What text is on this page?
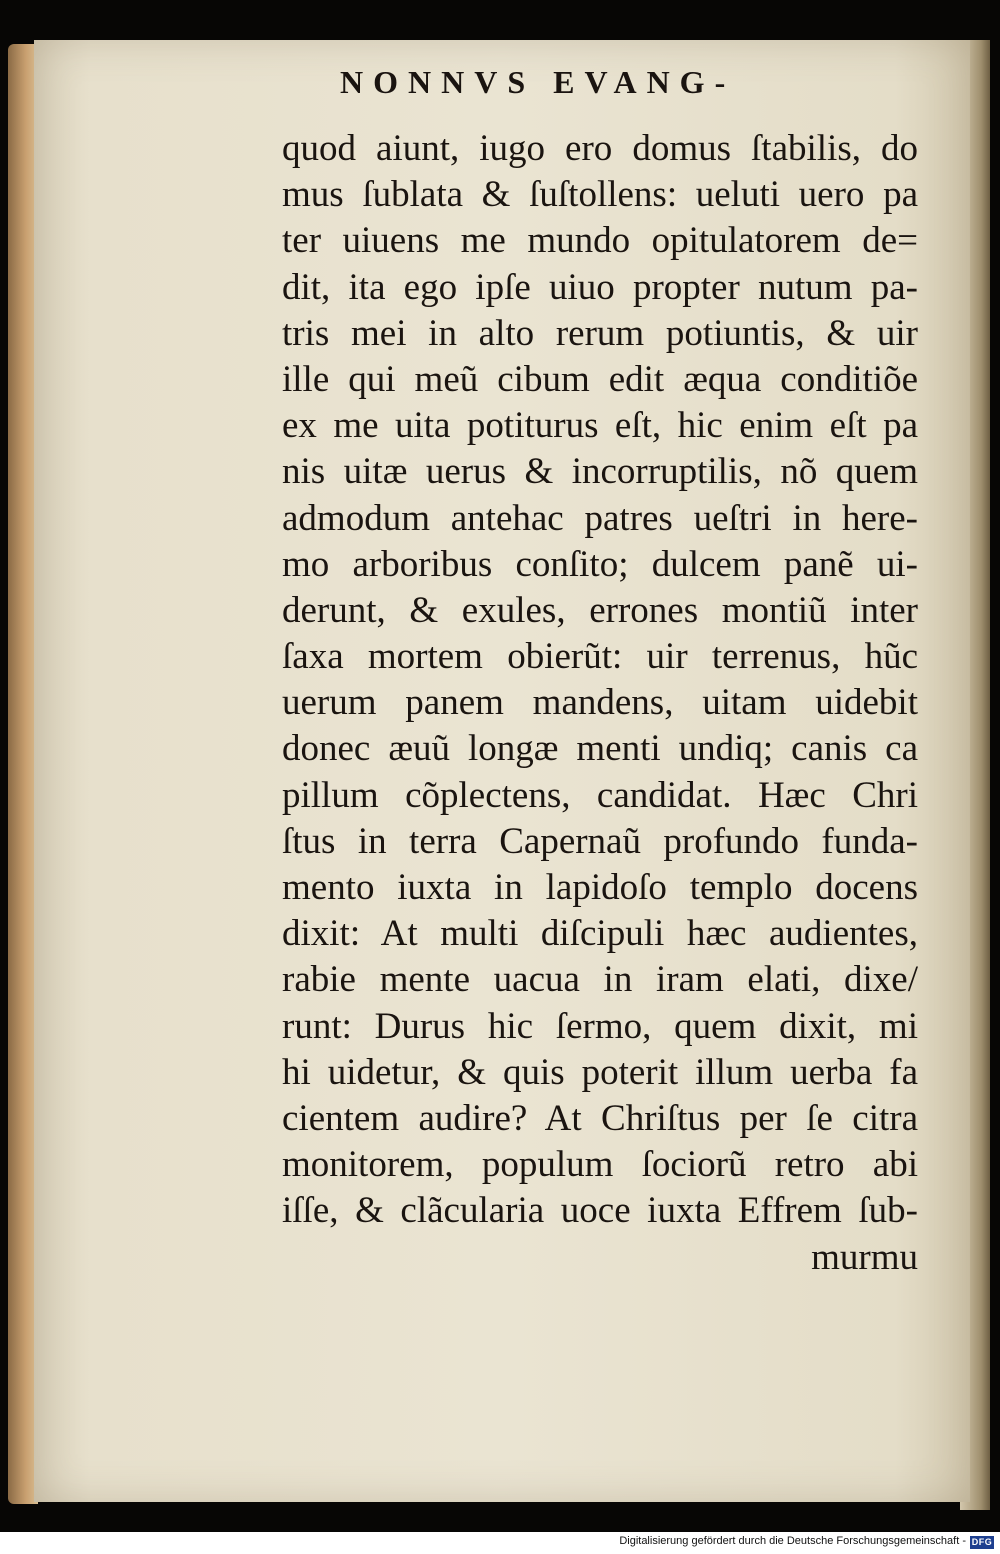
NONNVS EVANG-
quod aiunt, iugo ero domus ſtabilis, do
mus ſublata & ſuſtollens: ueluti uero pa
ter uiuens me mundo opitulatorem de=
dit, ita ego ipſe uiuo propter nutum pa-
tris mei in alto rerum potiuntis, & uir
ille qui meũ cibum edit æqua conditiõe
ex me uita potiturus eſt, hic enim eſt pa
nis uitæ uerus & incorruptilis, nõ quem
admodum antehac patres ueſtri in here-
mo arboribus conſito; dulcem panẽ ui-
derunt, & exules, errones montiũ inter
ſaxa mortem obierũt: uir terrenus, hũc
uerum panem mandens, uitam uidebit
donec æuũ longæ menti undiq; canis ca
pillum cõplectens, candidat. Hæc Chri
ſtus in terra Capernaũ profundo funda-
mento iuxta in lapidoſo templo docens
dixit: At multi diſcipuli hæc audientes,
rabie mente uacua in iram elati, dixe/
runt: Durus hic ſermo, quem dixit, mi
hi uidetur, & quis poterit illum uerba fa
cientem audire? At Chriſtus per ſe citra
monitorem, populum ſociorũ retro abi
iſſe, & clãcularia uoce iuxta Effrem ſub-
murmu
Digitalisierung gefördert durch die Deutsche Forschungsgemeinschaft - DFG
